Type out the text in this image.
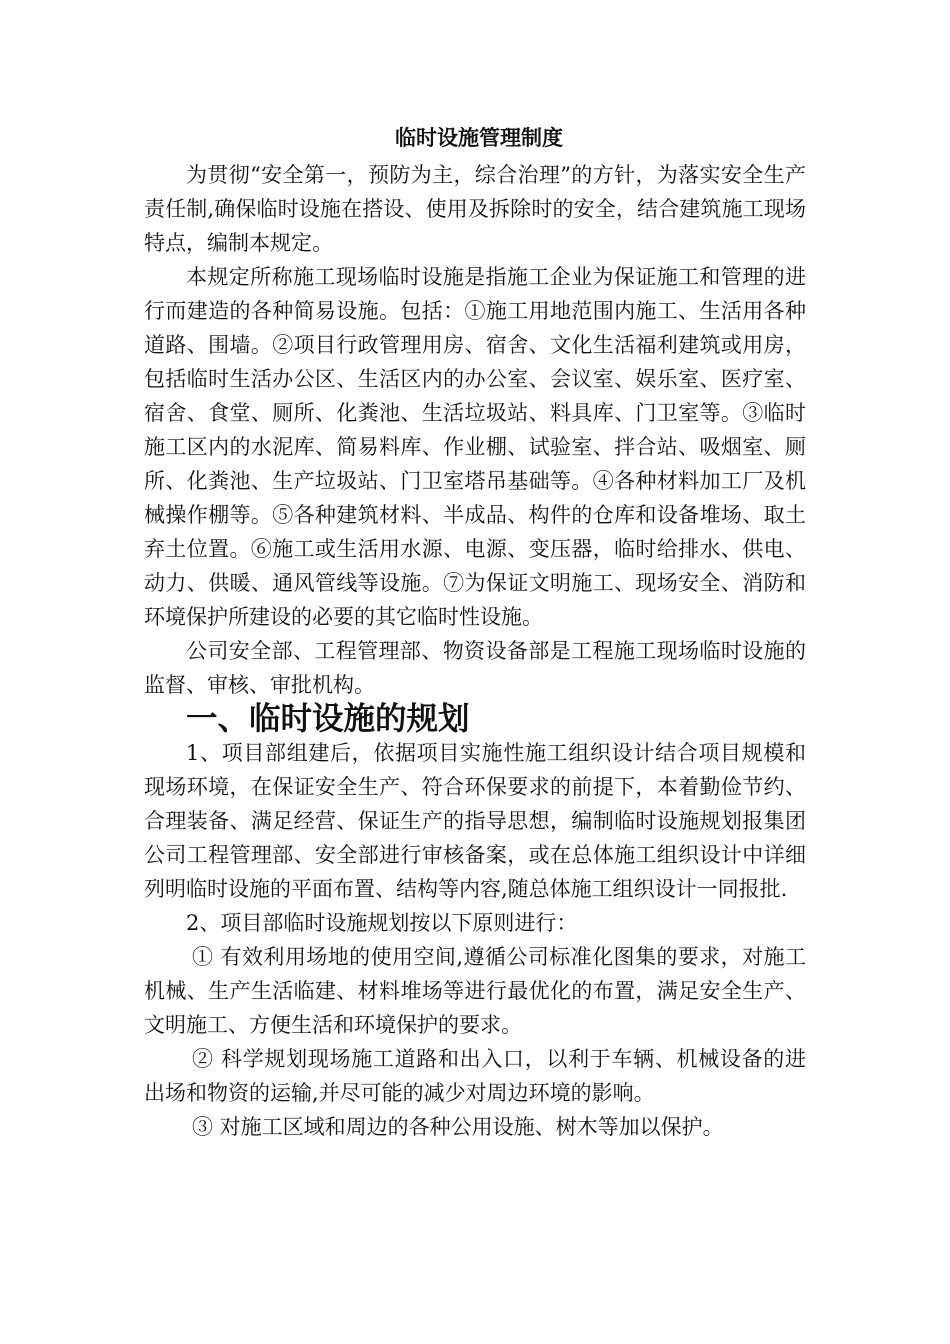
临时设施管理制度

为贯彻“安全第一，预防为主，综合治理”的方针，为落实安全生产责任制,确保临时设施在搭设、使用及拆除时的安全，结合建筑施工现场特点，编制本规定。

本规定所称施工现场临时设施是指施工企业为保证施工和管理的进行而建造的各种简易设施。包括：①施工用地范围内施工、生活用各种道路、围墙。②项目行政管理用房、宿舍、文化生活福利建筑或用房，包括临时生活办公区、生活区内的办公室、会议室、娱乐室、医疗室、宿舍、食堂、厕所、化粪池、生活垃圾站、料具库、门卫室等。③临时施工区内的水泥库、简易料库、作业棚、试验室、拌合站、吸烟室、厕所、化粪池、生产垃圾站、门卫室塔吊基础等。④各种材料加工厂及机械操作棚等。⑤各种建筑材料、半成品、构件的仓库和设备堆场、取土弃土位置。⑥施工或生活用水源、电源、变压器，临时给排水、供电、动力、供暖、通风管线等设施。⑦为保证文明施工、现场安全、消防和环境保护所建设的必要的其它临时性设施。

公司安全部、工程管理部、物资设备部是工程施工现场临时设施的监督、审核、审批机构。

一、临时设施的规划

1、项目部组建后，依据项目实施性施工组织设计结合项目规模和现场环境，在保证安全生产、符合环保要求的前提下，本着勤俭节约、合理装备、满足经营、保证生产的指导思想，编制临时设施规划报集团公司工程管理部、安全部进行审核备案，或在总体施工组织设计中详细列明临时设施的平面布置、结构等内容,随总体施工组织设计一同报批.

2、项目部临时设施规划按以下原则进行：

① 有效利用场地的使用空间,遵循公司标准化图集的要求，对施工机械、生产生活临建、材料堆场等进行最优化的布置，满足安全生产、文明施工、方便生活和环境保护的要求。

② 科学规划现场施工道路和出入口，以利于车辆、机械设备的进出场和物资的运输,并尽可能的减少对周边环境的影响。

③ 对施工区域和周边的各种公用设施、树木等加以保护。
